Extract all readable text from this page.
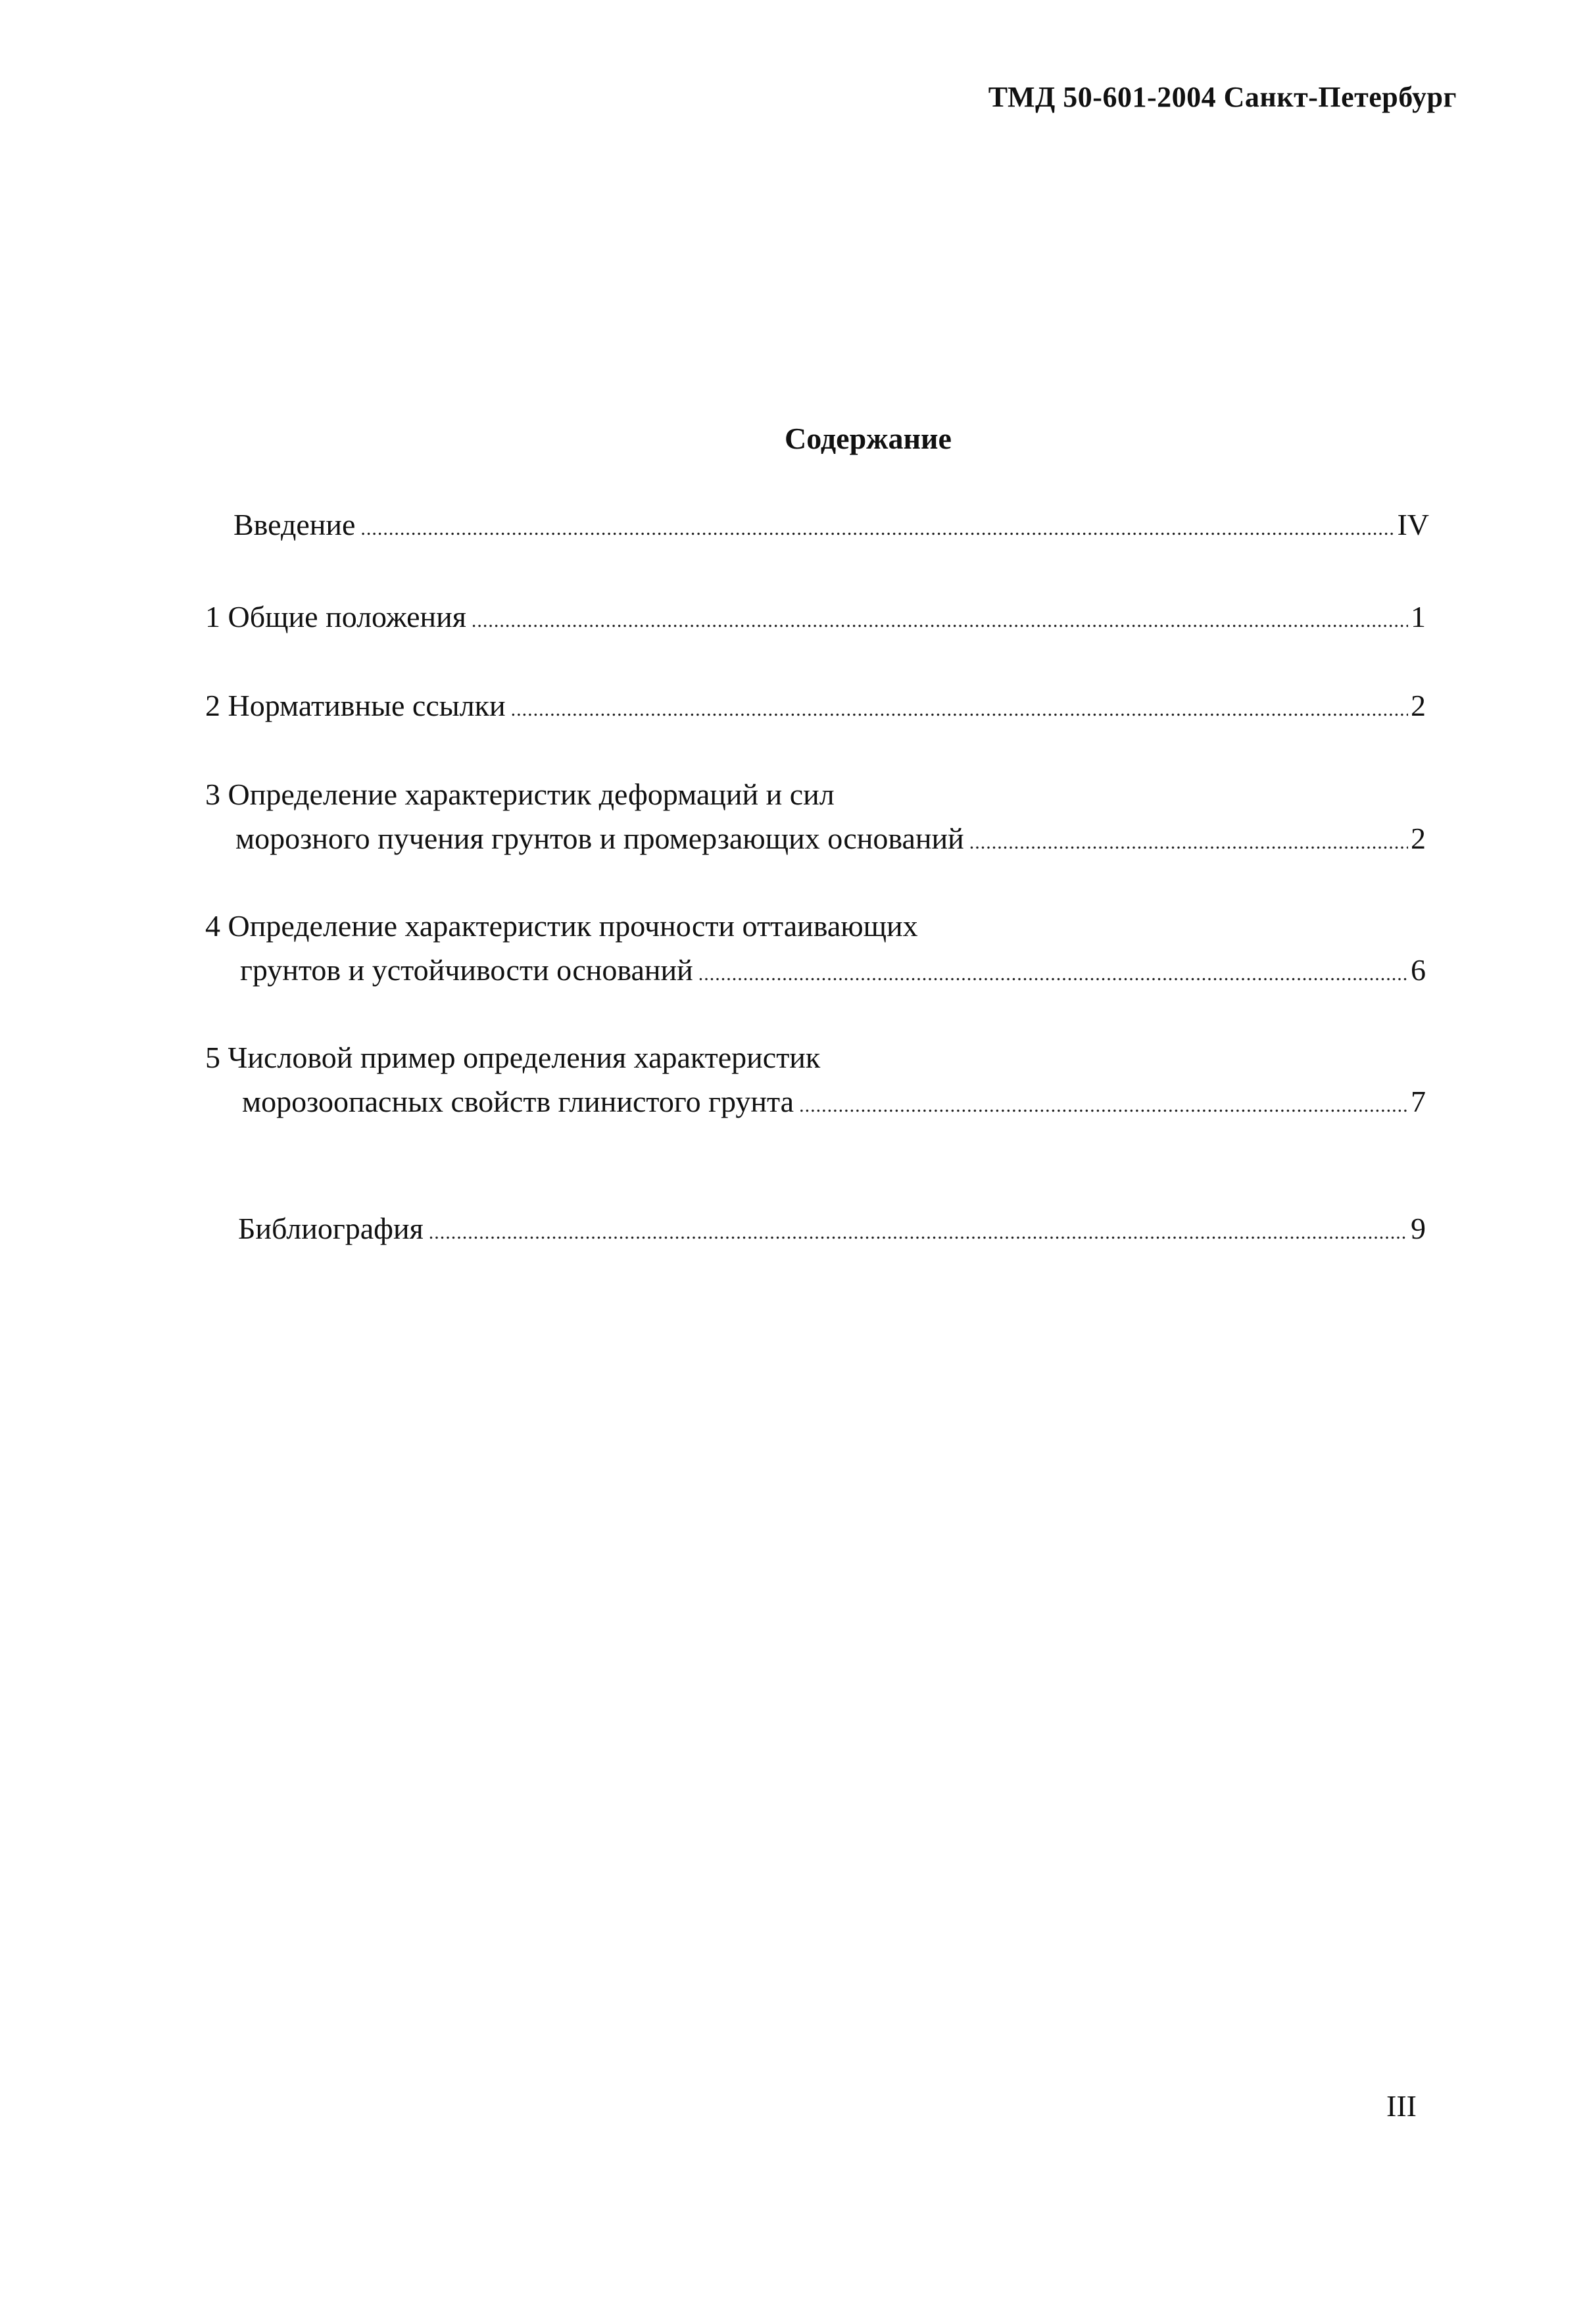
ТМД 50-601-2004 Санкт-Петербург
Содержание
Введение .....	IV
1 Общие положения .....	1
2 Нормативные ссылки .....	2
3 Определение характеристик деформаций и сил
морозного пучения грунтов и промерзающих оснований .....	2
4 Определение характеристик прочности оттаивающих
грунтов и устойчивости оснований .....	6
5 Числовой пример определения характеристик
морозоопасных свойств глинистого грунта .....	7
Библиография .....	9
III
